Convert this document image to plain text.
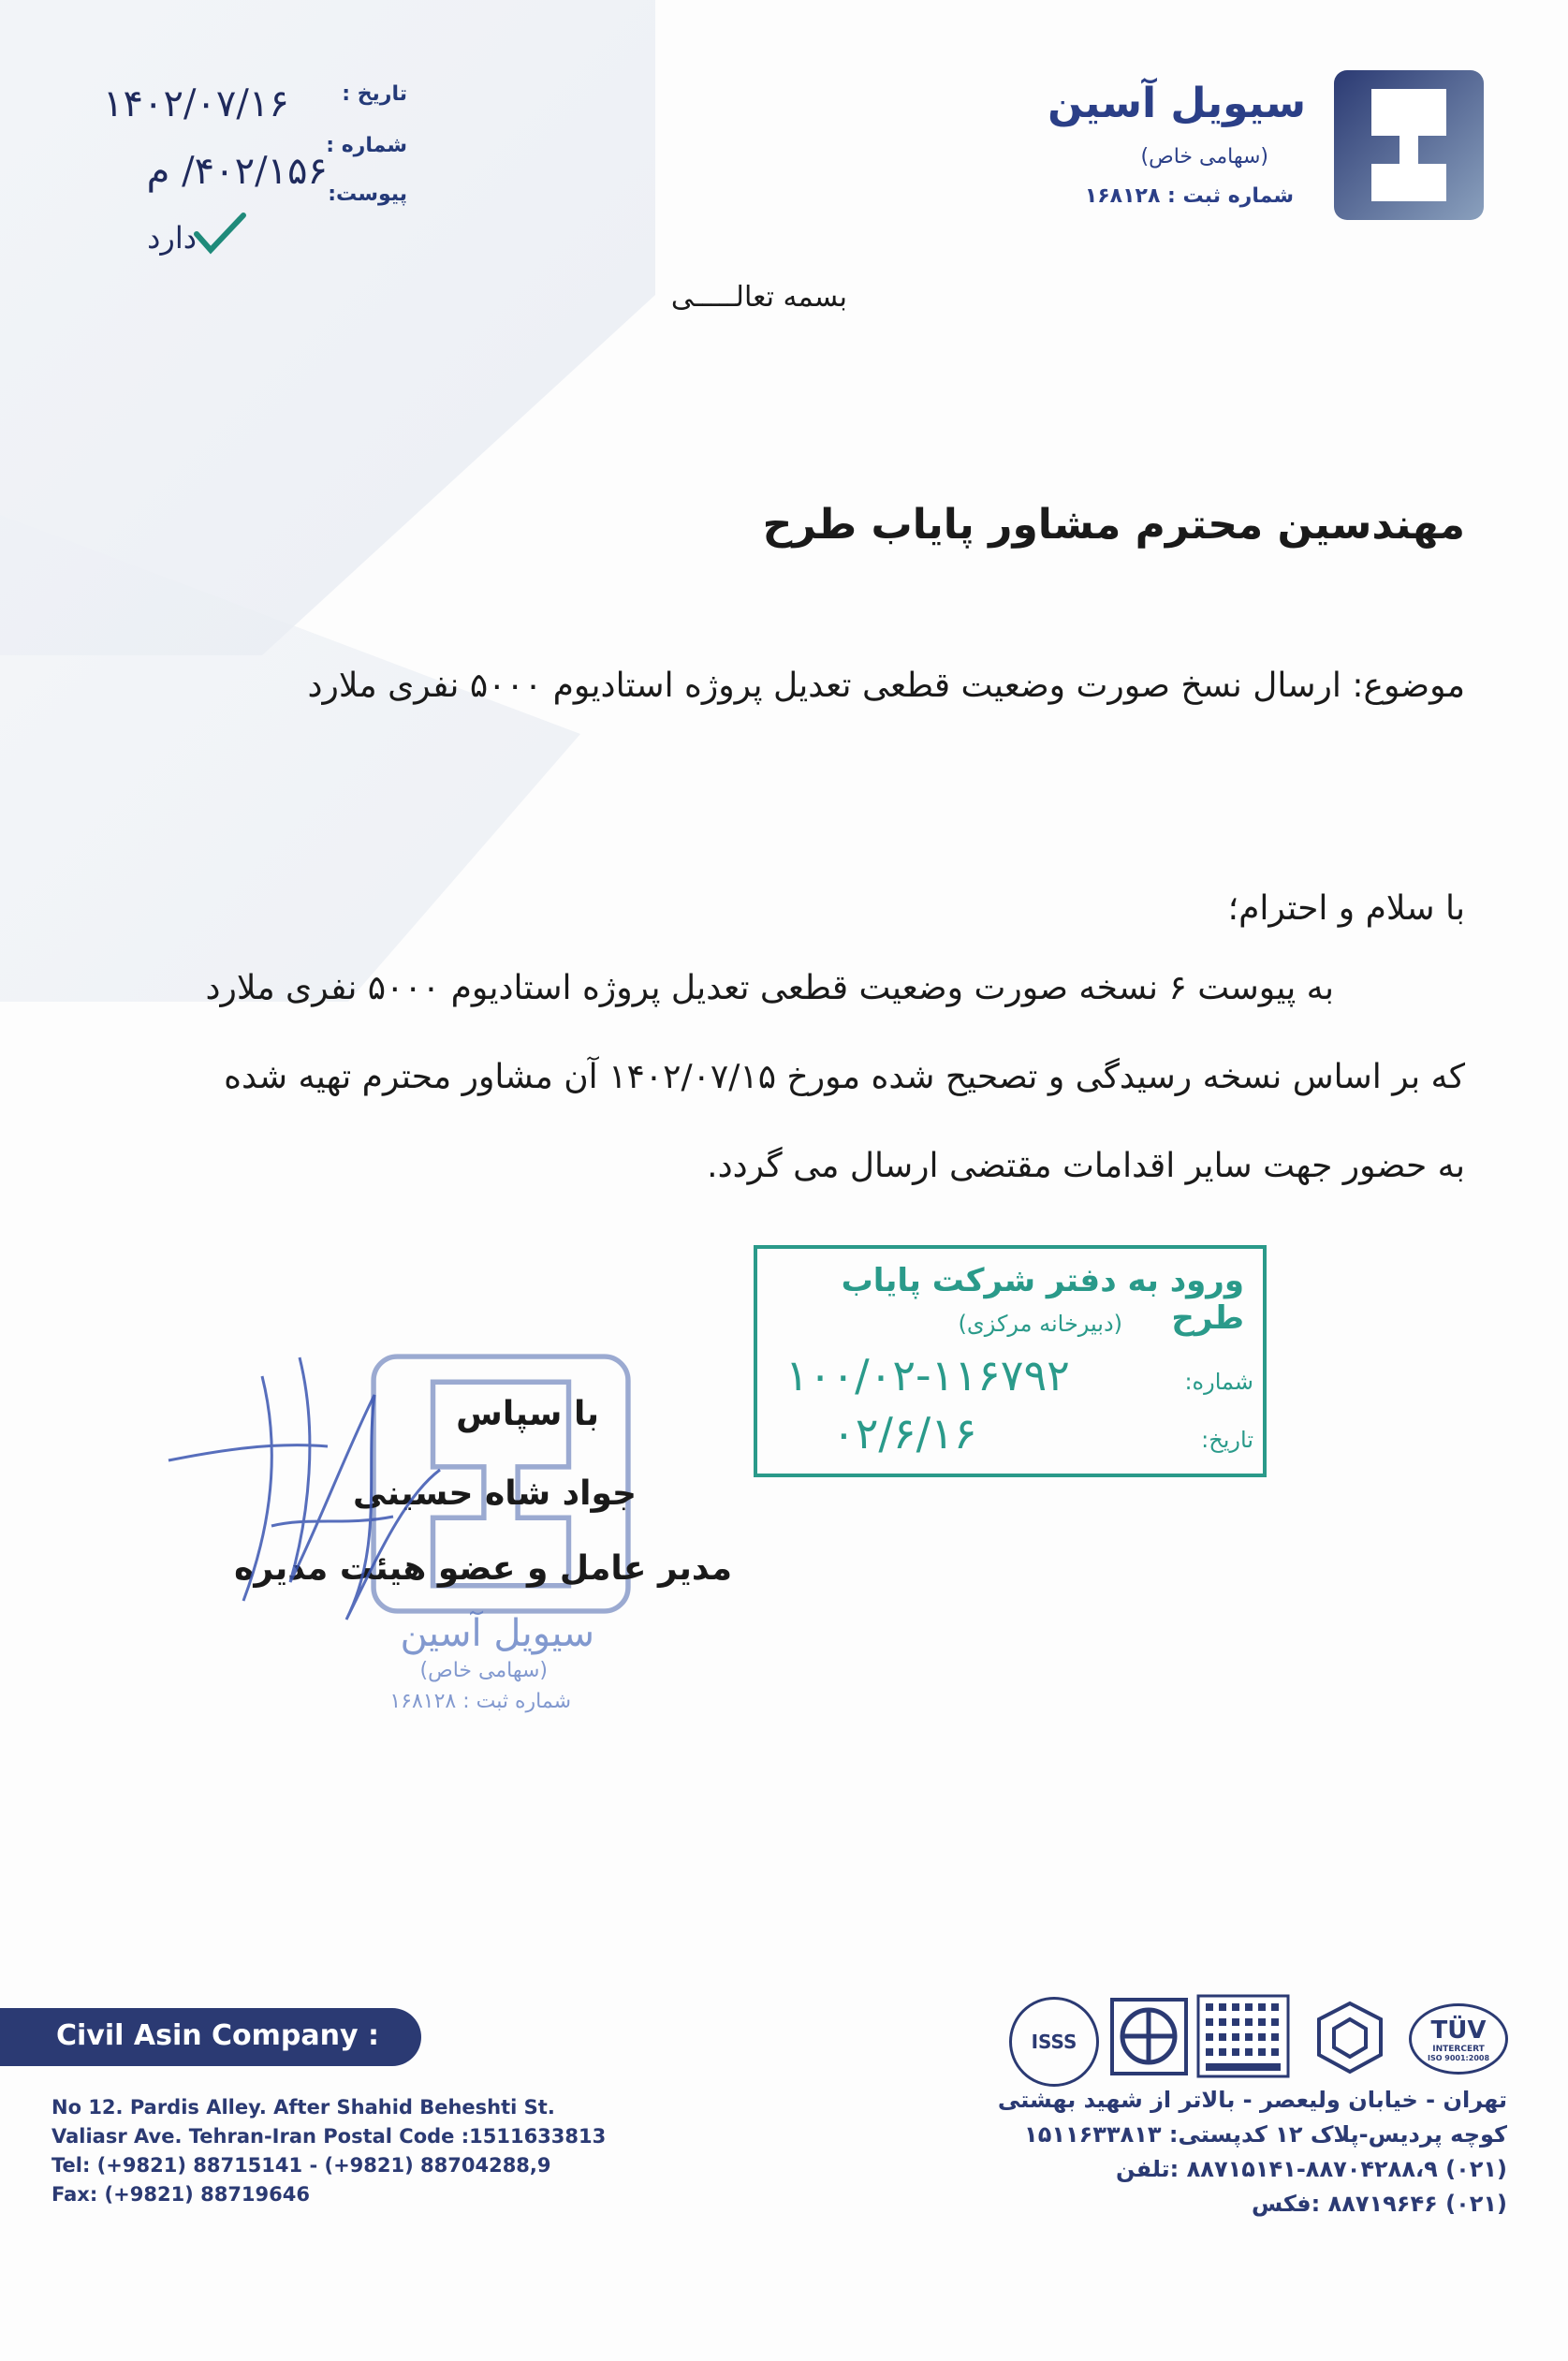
تاریخ :
۱۴۰۲/۰۷/۱۶
شماره :
۴۰۲/۱۵۶/ م
پیوست:
دارد
سیویل آسین
(سهامی خاص)
شماره ثبت : ۱۶۸۱۲۸
بسمه تعالـــــی
مهندسین محترم مشاور پایاب طرح
موضوع: ارسال نسخ صورت وضعیت قطعی تعدیل پروژه استادیوم ۵۰۰۰ نفری ملارد
با سلام و احترام؛
به پیوست ۶ نسخه صورت وضعیت قطعی تعدیل پروژه استادیوم ۵۰۰۰ نفری ملارد
که بر اساس نسخه رسیدگی و تصحیح شده مورخ ۱۴۰۲/۰۷/۱۵ آن مشاور محترم تهیه شده
به حضور جهت سایر اقدامات مقتضی ارسال می گردد.
ورود به دفتر شرکت پایاب طرح
(دبیرخانه مرکزی)
شماره:
۱۰۰/۰۲-۱۱۶۷۹۲
تاریخ:
۰۲/۶/۱۶
سیویل آسین
(سهامی خاص)
شماره ثبت : ۱۶۸۱۲۸
با سپاس
جواد شاه حسینی
مدیر عامل و عضو هیئت مدیره
Civil Asin Company :
No 12. Pardis Alley. After Shahid Beheshti St.
Valiasr Ave. Tehran-Iran Postal Code :1511633813
Tel: (+9821) 88715141 - (+9821) 88704288,9
Fax: (+9821) 88719646
TÜV
INTERCERT
ISO 9001:2008
ISSS
تهران - خیابان ولیعصر - بالاتر از شهید بهشتی
کوچه پردیس-پلاک ۱۲ کدپستی: ۱۵۱۱۶۳۳۸۱۳
(۰۲۱) ۸۸۷۱۵۱۴۱-۸۸۷۰۴۲۸۸،۹ :تلفن
(۰۲۱) ۸۸۷۱۹۶۴۶ :فکس
